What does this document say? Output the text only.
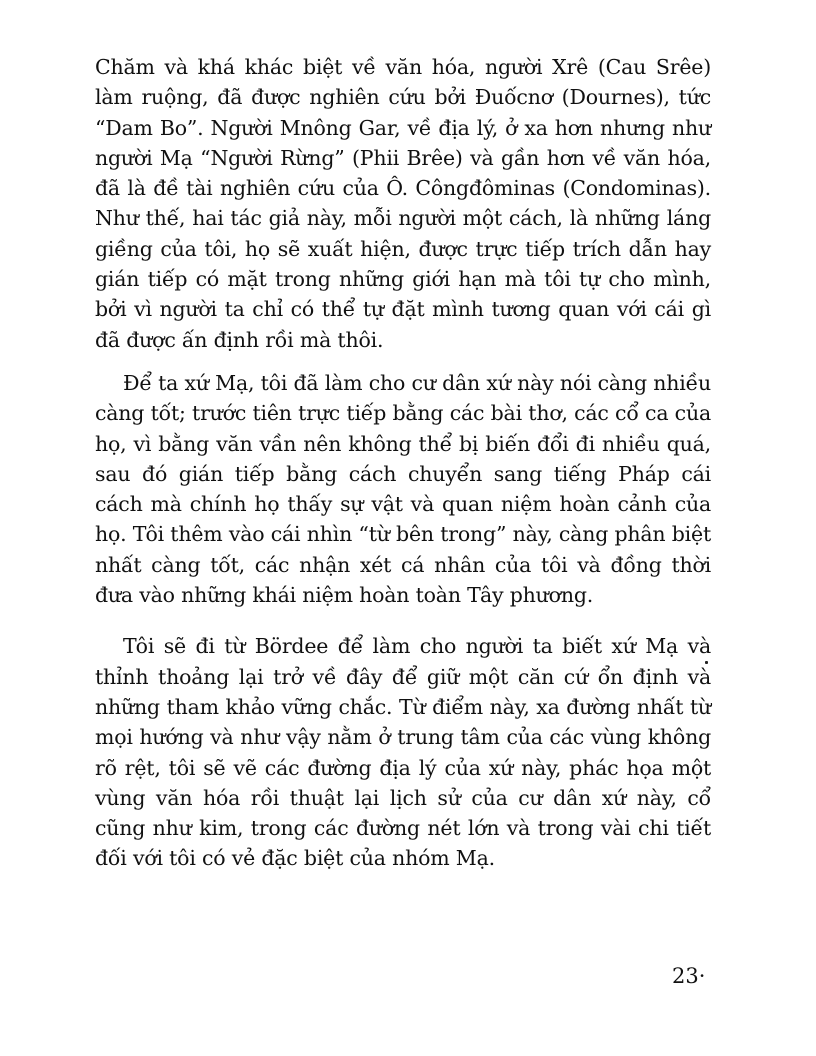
Chăm và khá khác biệt về văn hóa, người Xrê (Cau Srêe) làm ruộng, đã được nghiên cứu bởi Đuốcnơ (Dournes), tức “Dam Bo”. Người Mnông Gar, về địa lý, ở xa hơn nhưng như người Mạ “Người Rừng” (Phii Brêe) và gần hơn về văn hóa, đã là đề tài nghiên cứu của Ô. Côngđôminas (Condominas). Như thế, hai tác giả này, mỗi người một cách, là những láng giềng của tôi, họ sẽ xuất hiện, được trực tiếp trích dẫn hay gián tiếp có mặt trong những giới hạn mà tôi tự cho mình, bởi vì người ta chỉ có thể tự đặt mình tương quan với cái gì đã được ấn định rồi mà thôi.

Để ta xứ Mạ, tôi đã làm cho cư dân xứ này nói càng nhiều càng tốt; trước tiên trực tiếp bằng các bài thơ, các cổ ca của họ, vì bằng văn vần nên không thể bị biến đổi đi nhiều quá, sau đó gián tiếp bằng cách chuyển sang tiếng Pháp cái cách mà chính họ thấy sự vật và quan niệm hoàn cảnh của họ. Tôi thêm vào cái nhìn “từ bên trong” này, càng phân biệt nhất càng tốt, các nhận xét cá nhân của tôi và đồng thời đưa vào những khái niệm hoàn toàn Tây phương.

Tôi sẽ đi từ Bördee để làm cho người ta biết xứ Mạ và thỉnh thoảng lại trở về đây để giữ một căn cứ ổn định và những tham khảo vững chắc. Từ điểm này, xa đường nhất từ mọi hướng và như vậy nằm ở trung tâm của các vùng không rõ rệt, tôi sẽ vẽ các đường địa lý của xứ này, phác họa một vùng văn hóa rồi thuật lại lịch sử của cư dân xứ này, cổ cũng như kim, trong các đường nét lớn và trong vài chi tiết đối với tôi có vẻ đặc biệt của nhóm Mạ.

23·
